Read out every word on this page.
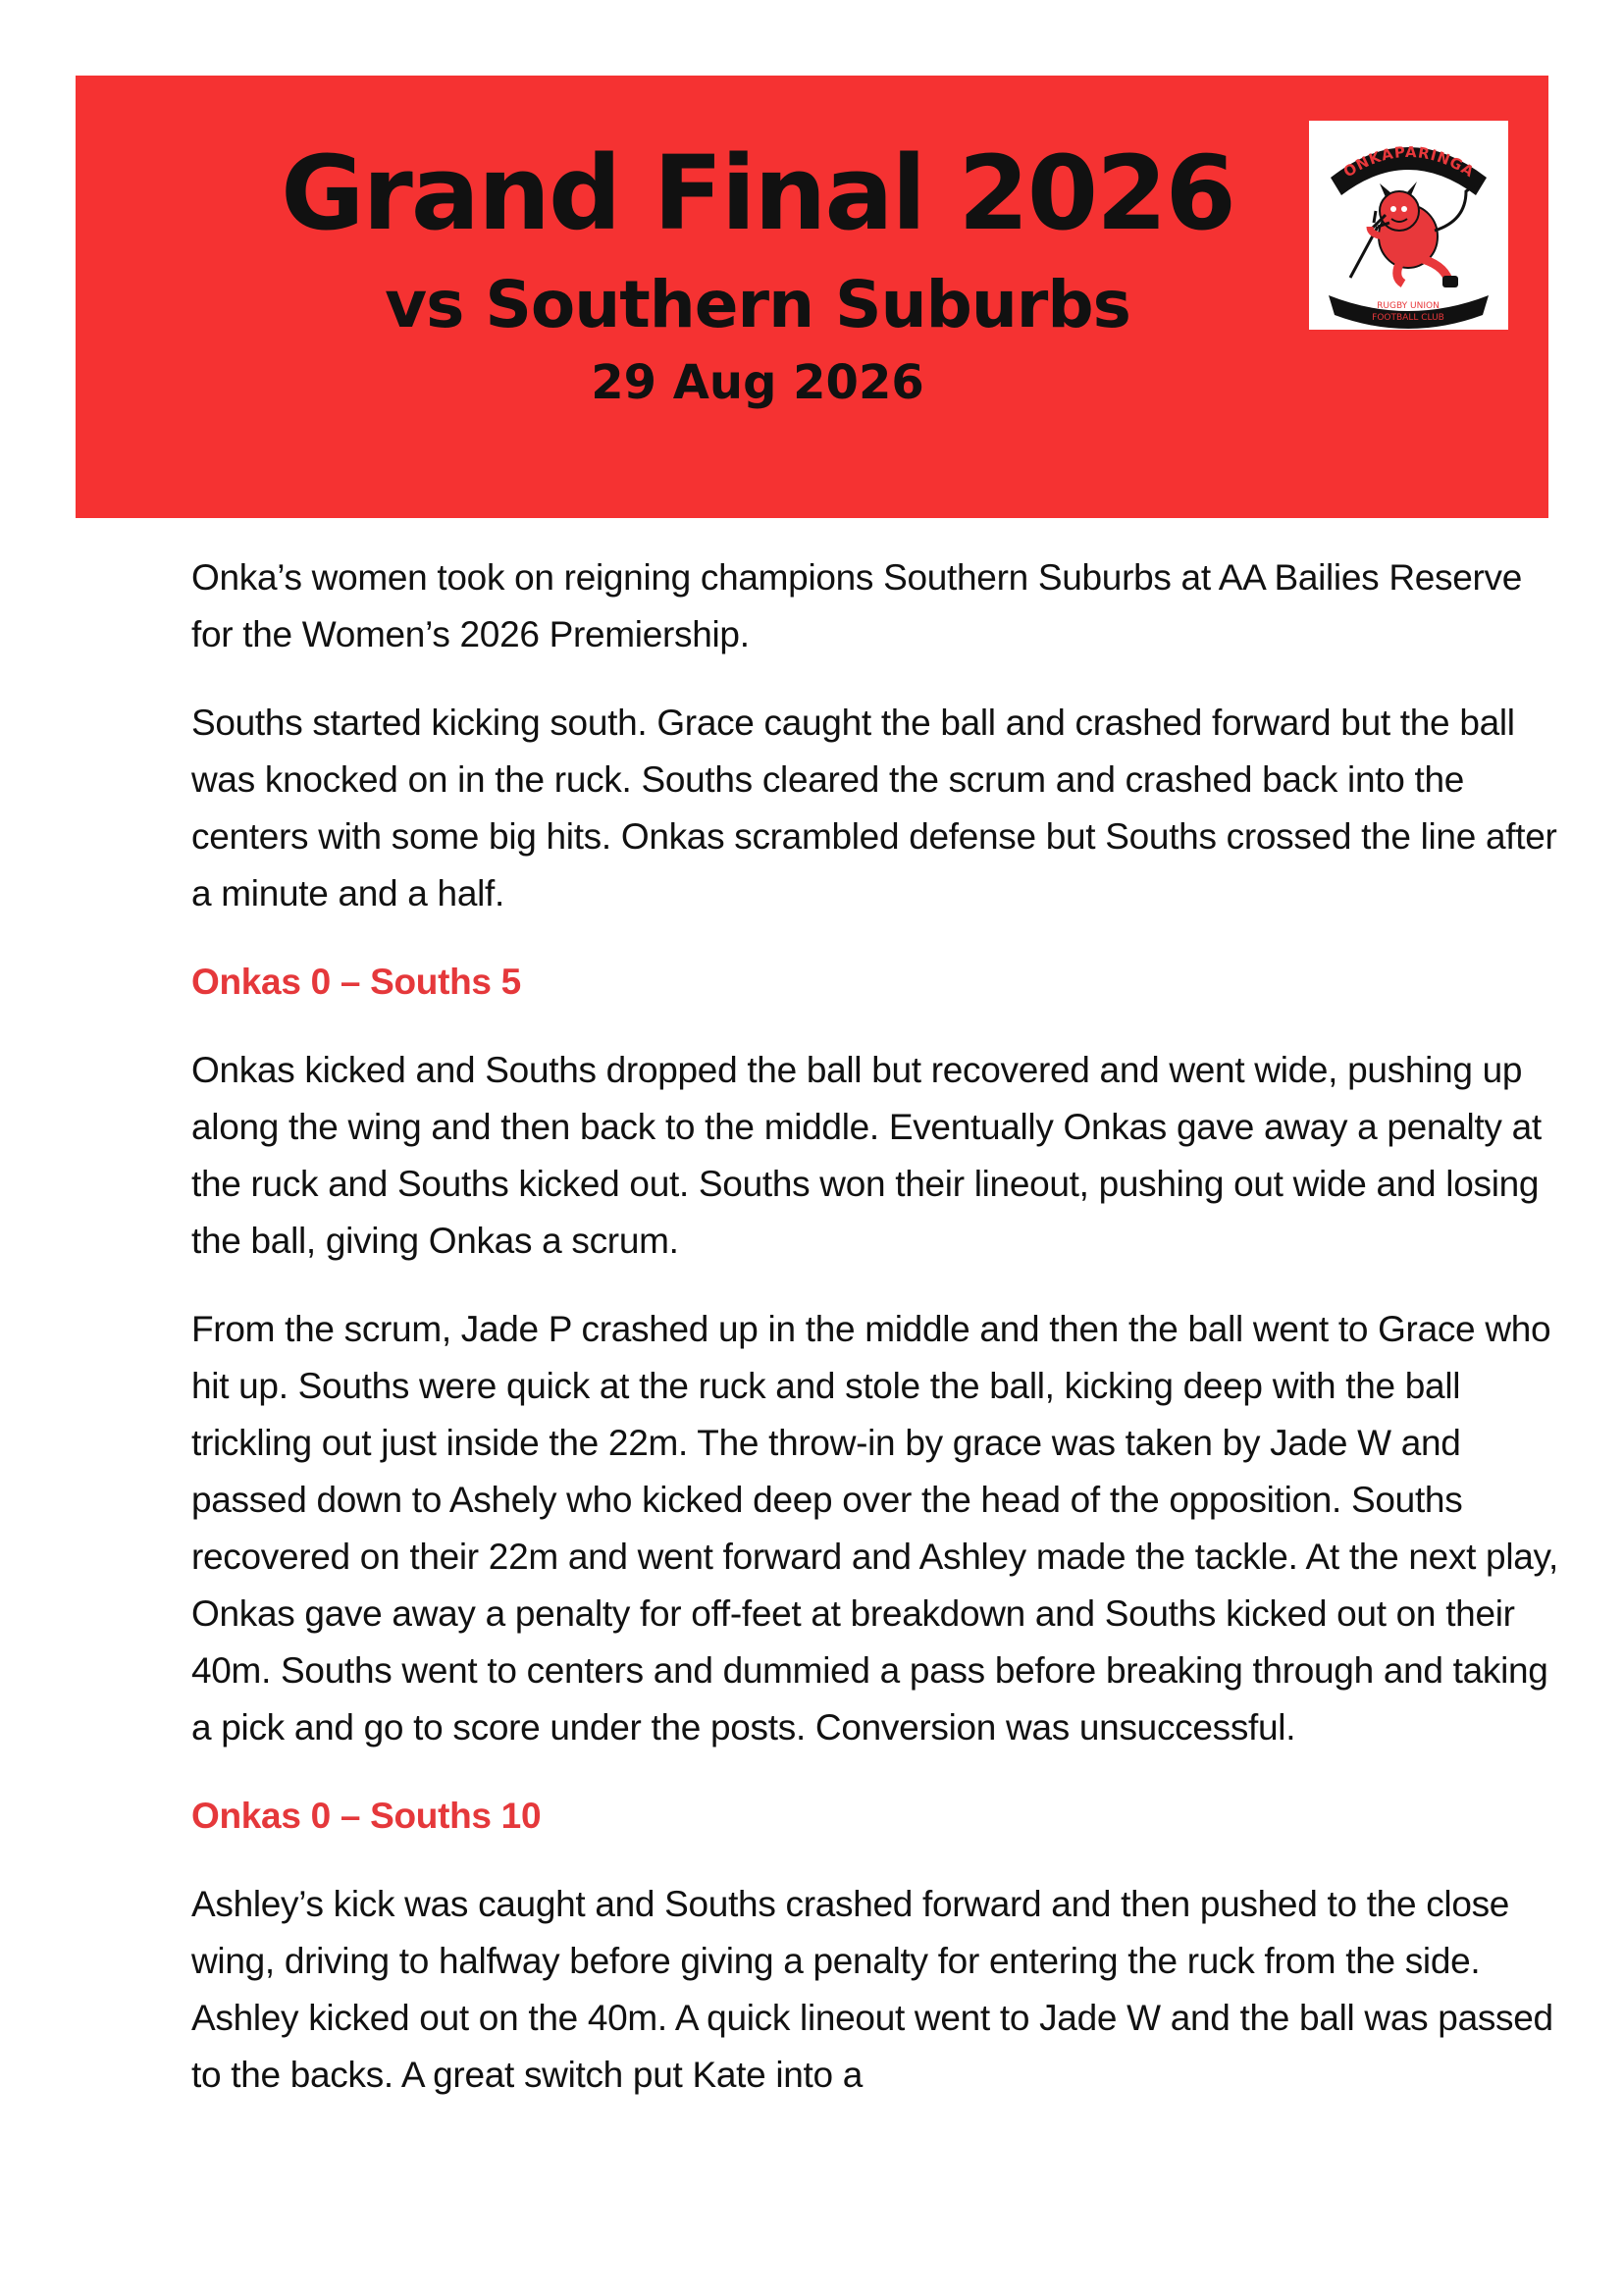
Grand Final 2026
vs Southern Suburbs
29 Aug 2026
ONKAPARINGA
RUGBY UNION
FOOTBALL CLUB

Onka’s women took on reigning champions Southern Suburbs at AA Bailies Reserve for the Women’s 2026 Premiership.

Souths started kicking south. Grace caught the ball and crashed forward but the ball was knocked on in the ruck. Souths cleared the scrum and crashed back into the centers with some big hits. Onkas scrambled defense but Souths crossed the line after a minute and a half.

Onkas 0 – Souths 5

Onkas kicked and Souths dropped the ball but recovered and went wide, pushing up along the wing and then back to the middle. Eventually Onkas gave away a penalty at the ruck and Souths kicked out. Souths won their lineout, pushing out wide and losing the ball, giving Onkas a scrum.

From the scrum, Jade P crashed up in the middle and then the ball went to Grace who hit up. Souths were quick at the ruck and stole the ball, kicking deep with the ball trickling out just inside the 22m. The throw-in by grace was taken by Jade W and passed down to Ashely who kicked deep over the head of the opposition. Souths recovered on their 22m and went forward and Ashley made the tackle. At the next play, Onkas gave away a penalty for off-feet at breakdown and Souths kicked out on their 40m. Souths went to centers and dummied a pass before breaking through and taking a pick and go to score under the posts. Conversion was unsuccessful.

Onkas 0 – Souths 10

Ashley’s kick was caught and Souths crashed forward and then pushed to the close wing, driving to halfway before giving a penalty for entering the ruck from the side. Ashley kicked out on the 40m. A quick lineout went to Jade W and the ball was passed to the backs. A great switch put Kate into a
